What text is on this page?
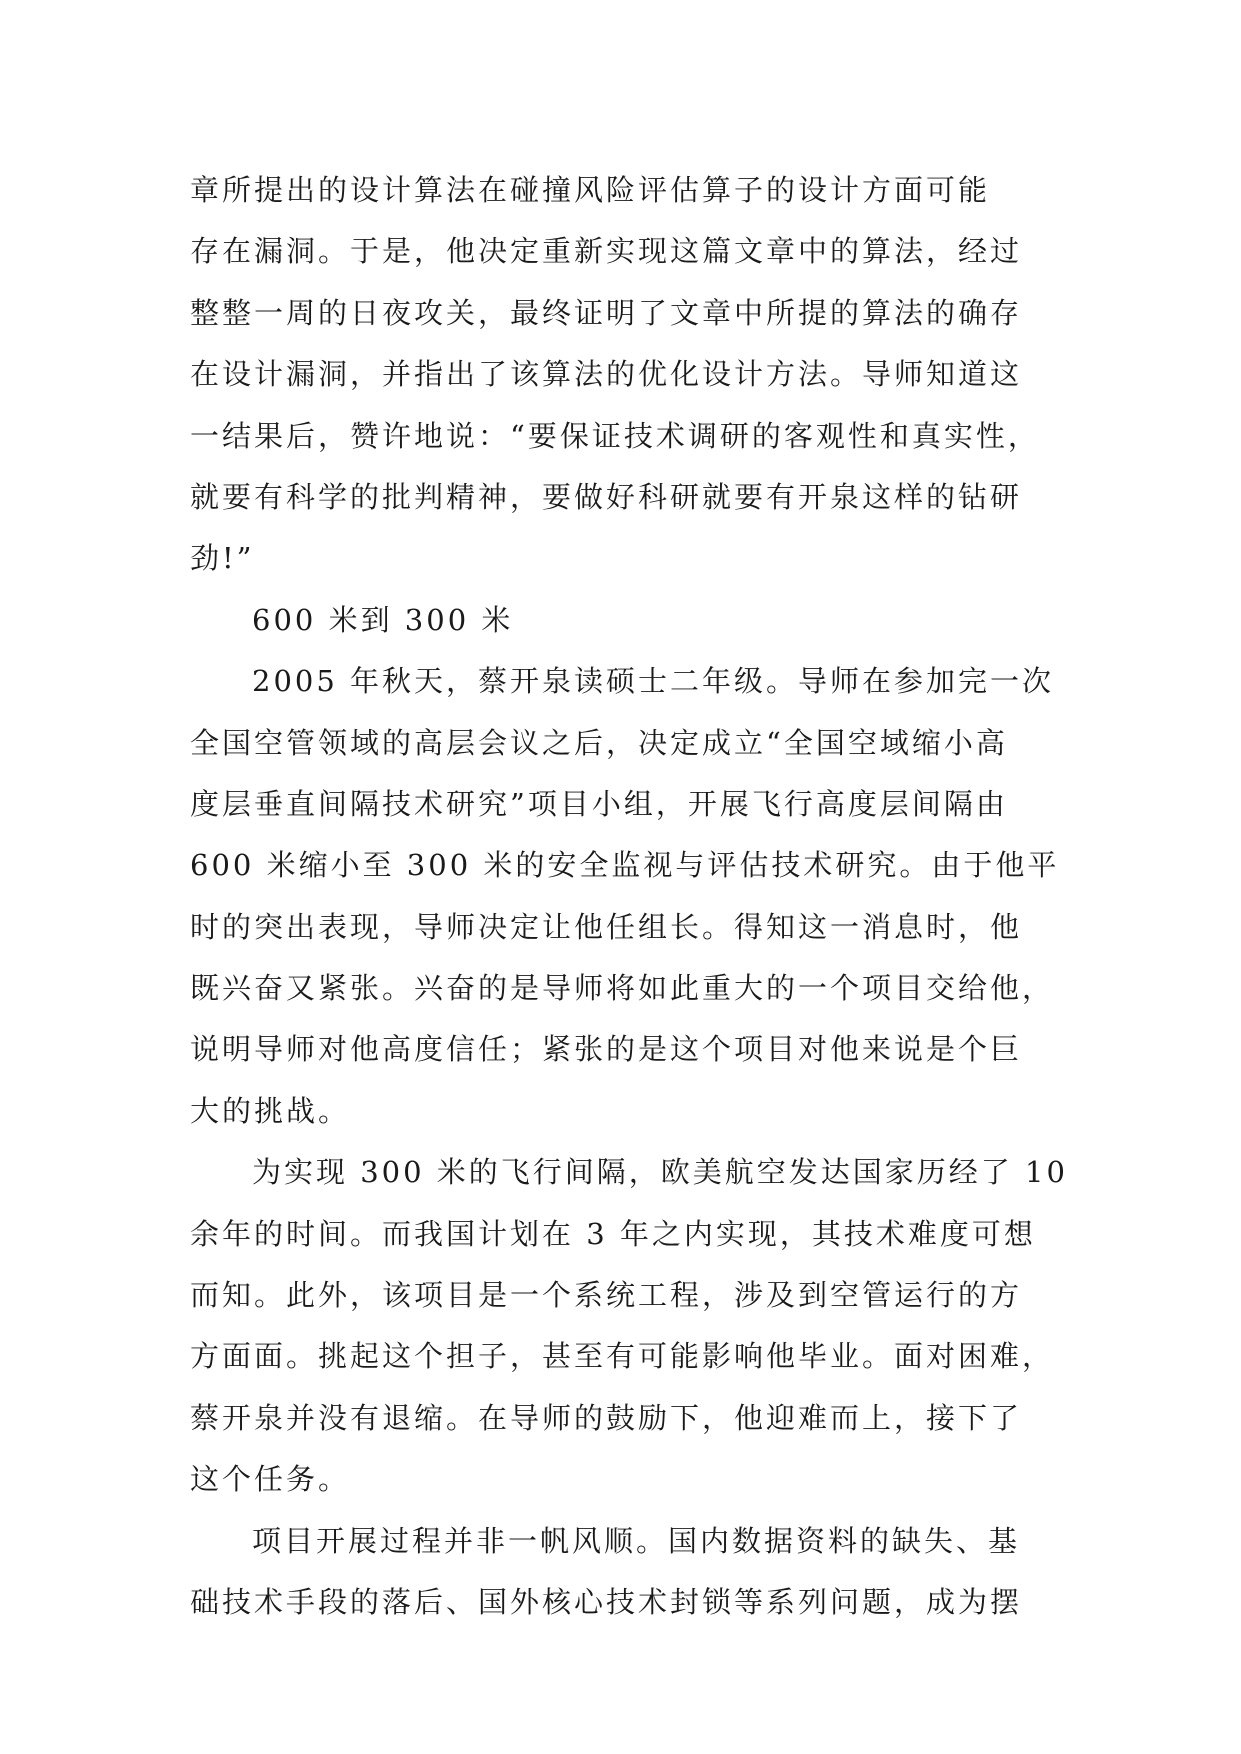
章所提出的设计算法在碰撞风险评估算子的设计方面可能
存在漏洞。于是，他决定重新实现这篇文章中的算法，经过
整整一周的日夜攻关，最终证明了文章中所提的算法的确存
在设计漏洞，并指出了该算法的优化设计方法。导师知道这
一结果后，赞许地说：“要保证技术调研的客观性和真实性，
就要有科学的批判精神，要做好科研就要有开泉这样的钻研
劲!”
600 米到 300 米
2005 年秋天，蔡开泉读硕士二年级。导师在参加完一次
全国空管领域的高层会议之后，决定成立“全国空域缩小高
度层垂直间隔技术研究”项目小组，开展飞行高度层间隔由
600 米缩小至 300 米的安全监视与评估技术研究。由于他平
时的突出表现，导师决定让他任组长。得知这一消息时，他
既兴奋又紧张。兴奋的是导师将如此重大的一个项目交给他，
说明导师对他高度信任；紧张的是这个项目对他来说是个巨
大的挑战。
为实现 300 米的飞行间隔，欧美航空发达国家历经了 10
余年的时间。而我国计划在 3 年之内实现，其技术难度可想
而知。此外，该项目是一个系统工程，涉及到空管运行的方
方面面。挑起这个担子，甚至有可能影响他毕业。面对困难，
蔡开泉并没有退缩。在导师的鼓励下，他迎难而上，接下了
这个任务。
项目开展过程并非一帆风顺。国内数据资料的缺失、基
础技术手段的落后、国外核心技术封锁等系列问题，成为摆
